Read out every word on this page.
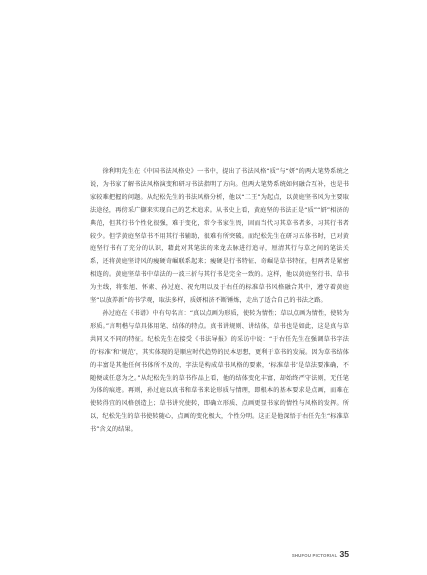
徐利明先生在《中国书法风格史》一书中，提出了书法风格“质”与“妍”的两大笔势系统之说，为书家了解书法风格演变和研习书法指明了方向。但两大笔势系统如何融合互补，也是书家较难把握的问题。从纪松先生的书法风格分析，他以“二王”为起点，以黄庭坚书风为主要取法途径，再傍采广撷来实现自己的艺术追求。从书史上看，黄庭坚的书法正是“质”“妍”相济的典范，但其行书个性化很强，难于变化，常令书家生畏，固而当代习其草书者多，习其行书者较少。但学黄庭坚草书不用其行书辅助，很难有所突破。而纪松先生在研习五体书时，已对黄庭坚行书有了充分的认识，藉此对其笔法的来龙去脉进行追寻，厘清其行与草之间的笔法关系，还将黄庭坚诗风的瘦硬奇崛联系起来；瘦硬是行书特征、奇崛是草书特征，但两者是紧密相连的。黄庭坚草书中草法的一波三折与其行书是完全一致的。这样，他以黄庭坚行书、草书为主线，将张旭、怀素、孙过庭、祝允明以及于右任的标准草书风格融合其中，遵守着黄庭坚“以放养新”的书学观，取法多样，质妍相济不断锤炼，走出了适合自己的书法之路。

孙过庭在《书谱》中有句名言：“真以点画为形质，使转为情性；草以点画为情性，使转为形质。”言明楷与草具体用笔、结体的特点。真书讲规则、讲结体，草书也是如此，这是真与草共同又不同的特征。纪松先生在接受《书法导报》的采访中说：“于右任先生在强调草书字法的‘标准’和‘规范’，其实体现的是顺应时代趋势的民本思想，更利于草书的发展。因为草书结体的丰富是其他任何书体所不及的，字法是构成草书风格的要素，‘标准草书’是草法要准确，不随便或任意为之。”从纪松先生的草书作品上看，他的结体变化丰富，却始终严守法则，无任笔为体的痕迹。再则，孙过庭以真书和草书来论形质与情理，即根本的基本要求是点画，而难在使转得宜的风格创造上；草书讲究使转，即确立形质、点画更显书家的情性与风格的发挥。所以，纪松先生的草书使转随心，点画的变化极大，个性分明。这正是他深悟于右任先生“标准草书”含义的结果。

SHUFOU PICTORIAL 35
